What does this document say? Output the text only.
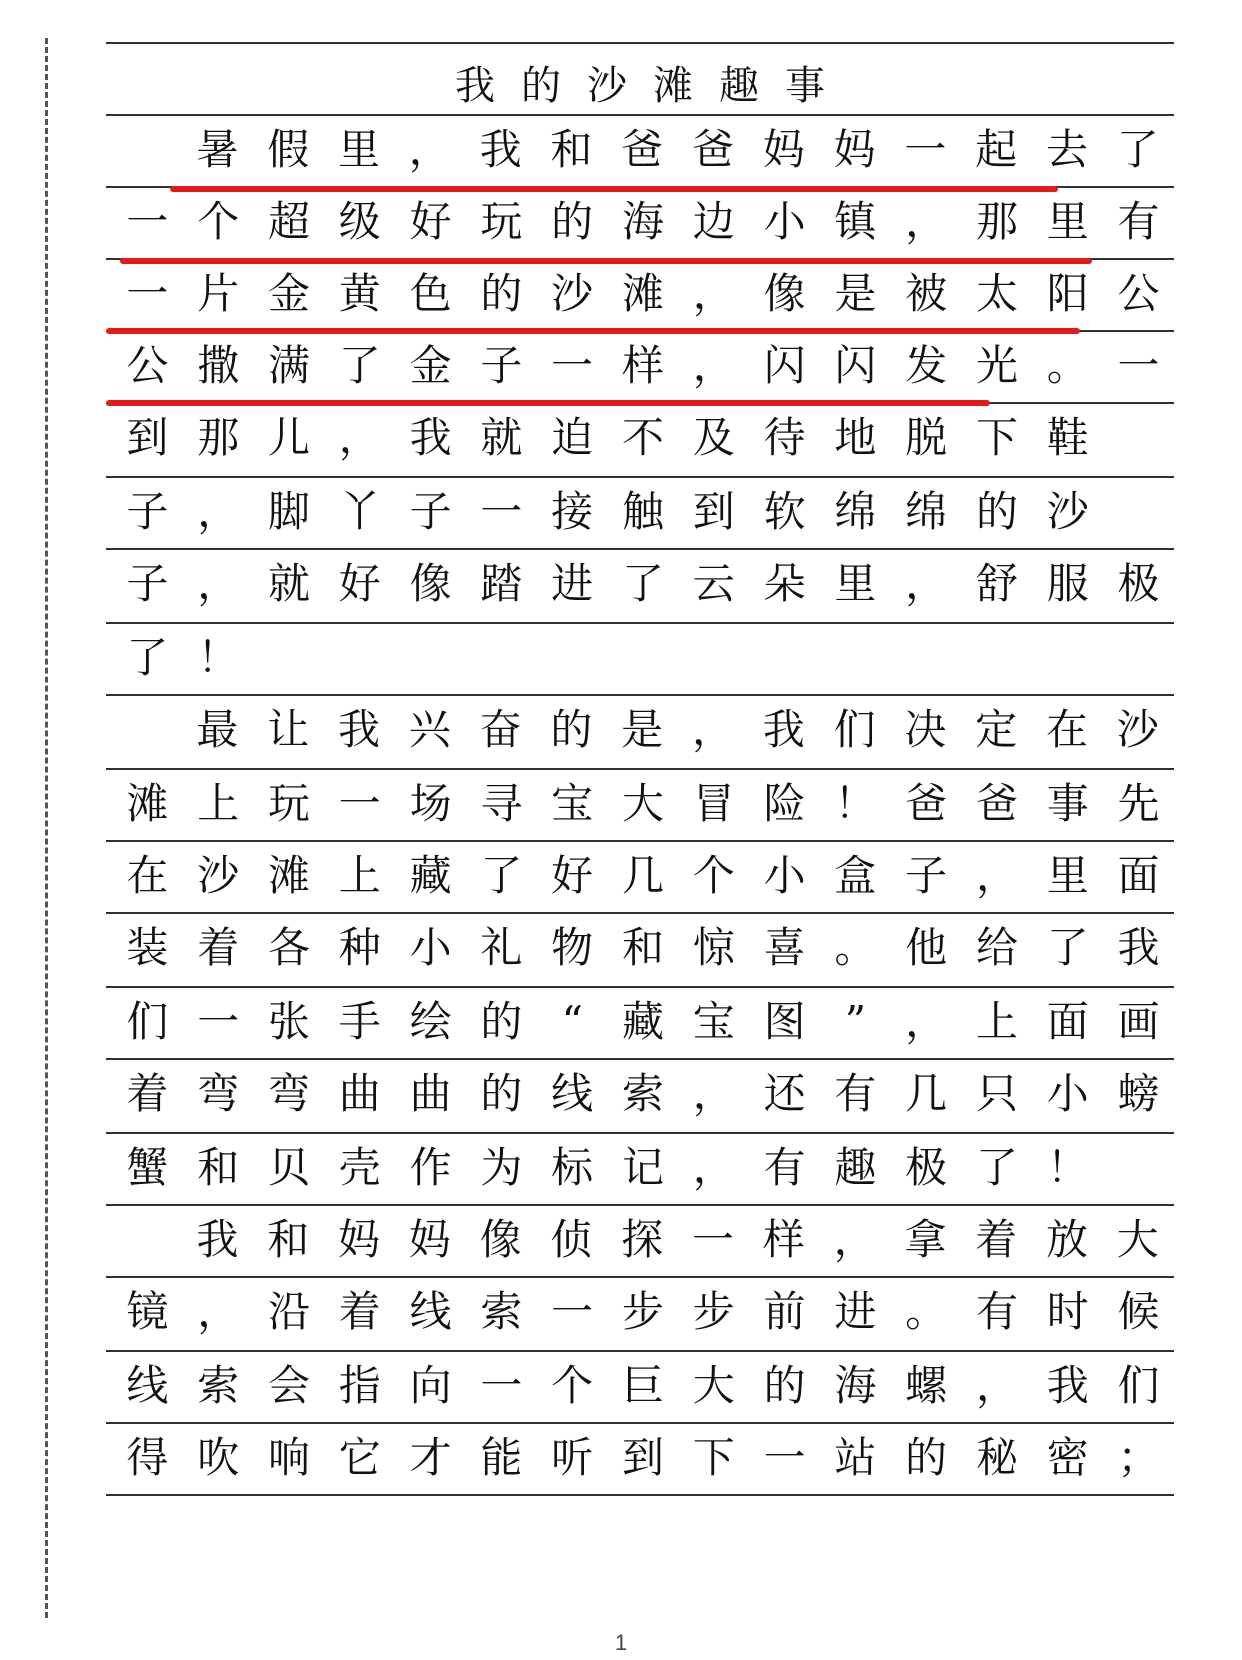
我 的 沙 滩 趣 事
暑 假 里 ， 我 和 爸 爸 妈 妈 一 起 去 了
一 个 超 级 好 玩 的 海 边 小 镇 ， 那 里 有
一 片 金 黄 色 的 沙 滩 ， 像 是 被 太 阳 公
公 撒 满 了 金 子 一 样 ， 闪 闪 发 光 。 一
到 那 儿 ， 我 就 迫 不 及 待 地 脱 下 鞋
子 ， 脚 丫 子 一 接 触 到 软 绵 绵 的 沙
子 ， 就 好 像 踏 进 了 云 朵 里 ， 舒 服 极
了 ！
最 让 我 兴 奋 的 是 ， 我 们 决 定 在 沙
滩 上 玩 一 场 寻 宝 大 冒 险 ！ 爸 爸 事 先
在 沙 滩 上 藏 了 好 几 个 小 盒 子 ， 里 面
装 着 各 种 小 礼 物 和 惊 喜 。 他 给 了 我
们 一 张 手 绘 的 “ 藏 宝 图 ” ， 上 面 画
着 弯 弯 曲 曲 的 线 索 ， 还 有 几 只 小 螃
蟹 和 贝 壳 作 为 标 记 ， 有 趣 极 了 ！
我 和 妈 妈 像 侦 探 一 样 ， 拿 着 放 大
镜 ， 沿 着 线 索 一 步 步 前 进 。 有 时 候
线 索 会 指 向 一 个 巨 大 的 海 螺 ， 我 们
得 吹 响 它 才 能 听 到 下 一 站 的 秘 密 ；
1
